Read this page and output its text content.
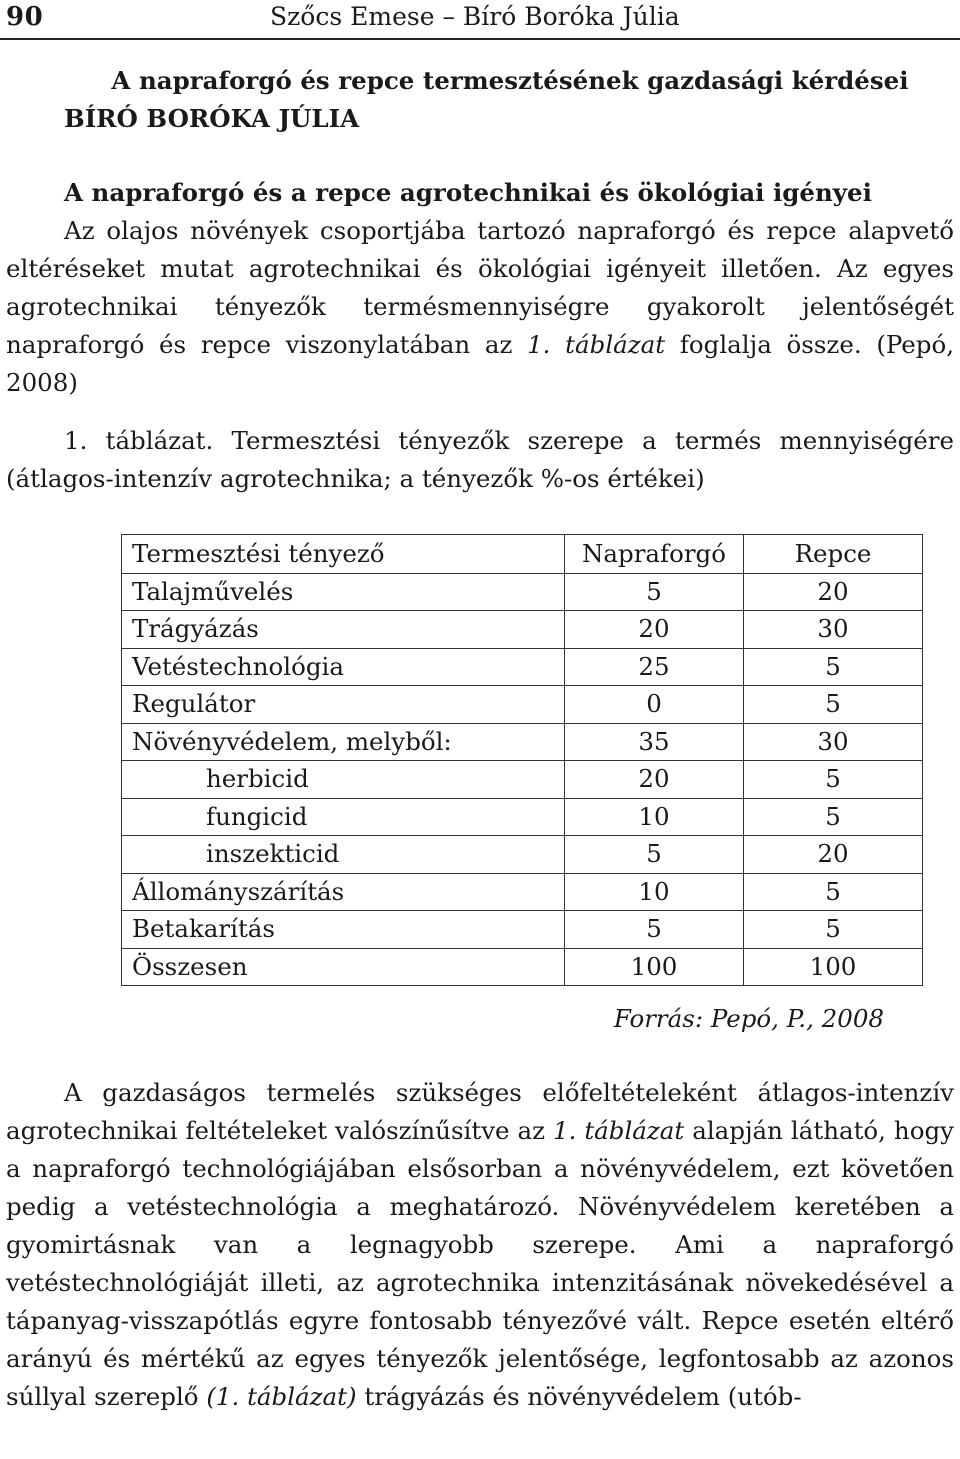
90	Szőcs Emese – Bíró Boróka Júlia
A napraforgó és repce termesztésének gazdasági kérdései
BÍRÓ BORÓKA JÚLIA
A napraforgó és a repce agrotechnikai és ökológiai igényei

Az olajos növények csoportjába tartozó napraforgó és repce alapvető eltéréseket mutat agrotechnikai és ökológiai igényeit illetően. Az egyes agrotechnikai tényezők termésmennyiségre gyakorolt jelentőségét napraforgó és repce viszonylatában az 1. táblázat foglalja össze. (Pepó, 2008)

1. táblázat. Termesztési tényezők szerepe a termés mennyiségére (átlagos-intenzív agrotechnika; a tényezők %-os értékei)

Termesztési tényező	Napraforgó	Repce
Talajművelés	5	20
Trágyázás	20	30
Vetéstechnológia	25	5
Regulátor	0	5
Növényvédelem, melyből:	35	30
herbicid	20	5
fungicid	10	5
inszekticid	5	20
Állományszárítás	10	5
Betakarítás	5	5
Összesen	100	100
Forrás: Pepó, P., 2008

A gazdaságos termelés szükséges előfeltételeként átlagos-intenzív agrotechnikai feltételeket valószínűsítve az 1. táblázat alapján látható, hogy a napraforgó technológiájában elsősorban a növényvédelem, ezt követően pedig a vetéstechnológia a meghatározó. Növényvédelem keretében a gyomirtásnak van a legnagyobb szerepe. Ami a napraforgó vetéstechnológiáját illeti, az agrotechnika intenzitásának növekedésével a tápanyag-visszapótlás egyre fontosabb tényezővé vált. Repce esetén eltérő arányú és mértékű az egyes tényezők jelentősége, legfontosabb az azonos súllyal szereplő (1. táblázat) trágyázás és növényvédelem (utób-
